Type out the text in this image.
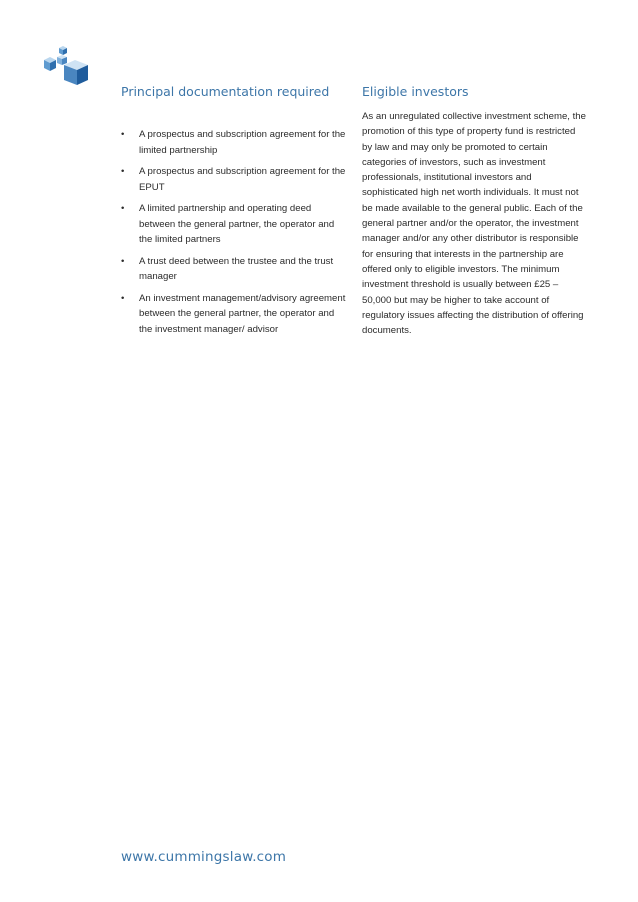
Principal documentation required
• A prospectus and subscription agreement for the limited partnership
• A prospectus and subscription agreement for the EPUT
• A limited partnership and operating deed between the general partner, the operator and the limited partners
• A trust deed between the trustee and the trust manager
• An investment management/advisory agreement between the general partner, the operator and the investment manager/ advisor
Eligible investors

As an unregulated collective investment scheme, the promotion of this type of property fund is restricted by law and may only be promoted to certain categories of investors, such as investment professionals, institutional investors and sophisticated high net worth individuals. It must not be made available to the general public. Each of the general partner and/or the operator, the investment manager and/or any other distributor is responsible for ensuring that interests in the partnership are offered only to eligible investors. The minimum investment threshold is usually between £25 – 50,000 but may be higher to take account of regulatory issues affecting the distribution of offering documents.

www.cummingslaw.com
